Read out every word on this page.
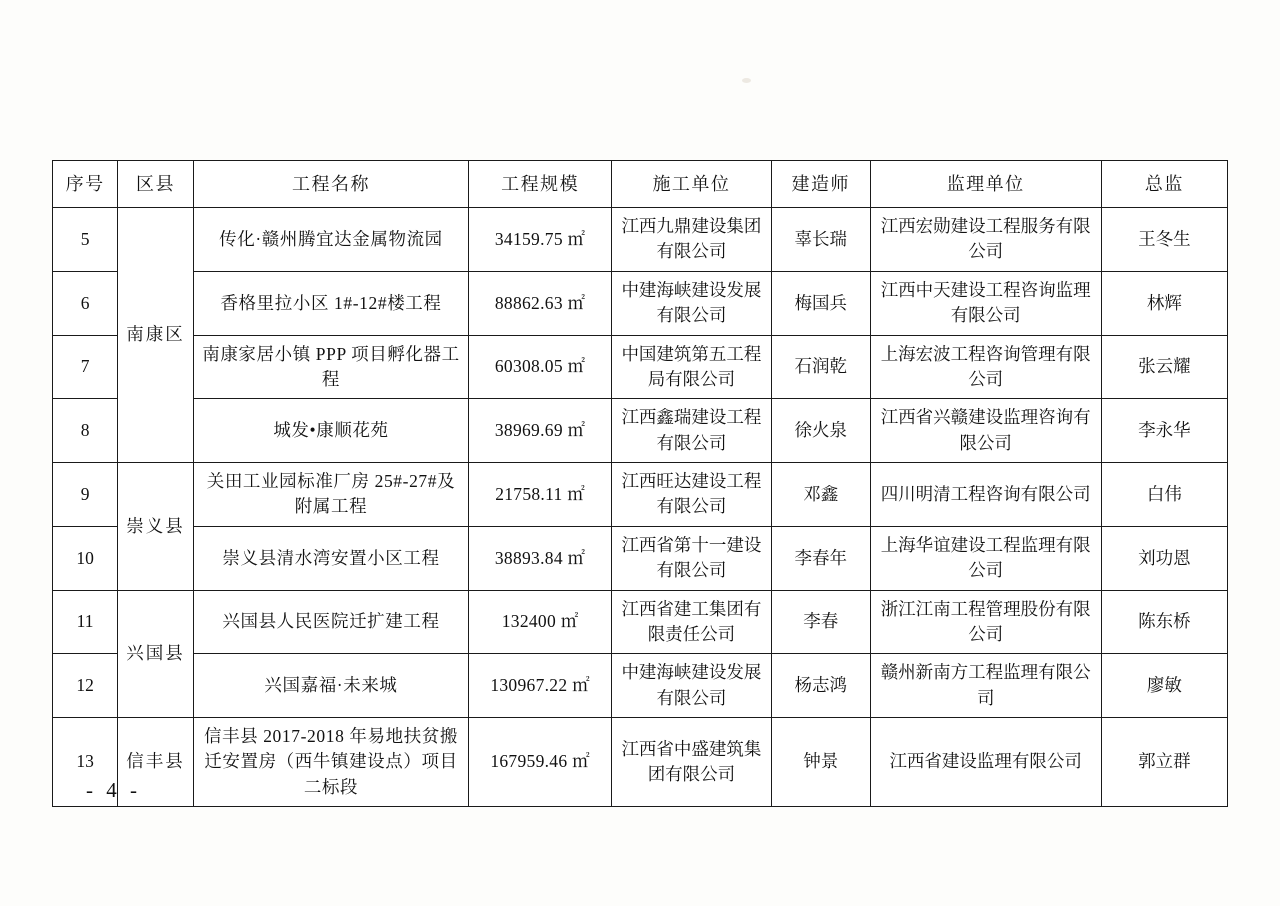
序号	区县	工程名称	工程规模	施工单位	建造师	监理单位	总监
5	南康区	传化·赣州腾宜达金属物流园	34159.75 ㎡	江西九鼎建设集团有限公司	辜长瑞	江西宏勋建设工程服务有限公司	王冬生
6		香格里拉小区 1#-12#楼工程	88862.63 ㎡	中建海峡建设发展有限公司	梅国兵	江西中天建设工程咨询监理有限公司	林辉
7		南康家居小镇 PPP 项目孵化器工程	60308.05 ㎡	中国建筑第五工程局有限公司	石润乾	上海宏波工程咨询管理有限公司	张云耀
8		城发•康顺花苑	38969.69 ㎡	江西鑫瑞建设工程有限公司	徐火泉	江西省兴赣建设监理咨询有限公司	李永华
9	崇义县	关田工业园标准厂房 25#-27#及附属工程	21758.11 ㎡	江西旺达建设工程有限公司	邓鑫	四川明清工程咨询有限公司	白伟
10		崇义县清水湾安置小区工程	38893.84 ㎡	江西省第十一建设有限公司	李春年	上海华谊建设工程监理有限公司	刘功恩
11	兴国县	兴国县人民医院迁扩建工程	132400 ㎡	江西省建工集团有限责任公司	李春	浙江江南工程管理股份有限公司	陈东桥
12		兴国嘉福·未来城	130967.22 ㎡	中建海峡建设发展有限公司	杨志鸿	赣州新南方工程监理有限公司	廖敏
13	信丰县	信丰县 2017-2018 年易地扶贫搬迁安置房（西牛镇建设点）项目二标段	167959.46 ㎡	江西省中盛建筑集团有限公司	钟景	江西省建设监理有限公司	郭立群
- 4 -
